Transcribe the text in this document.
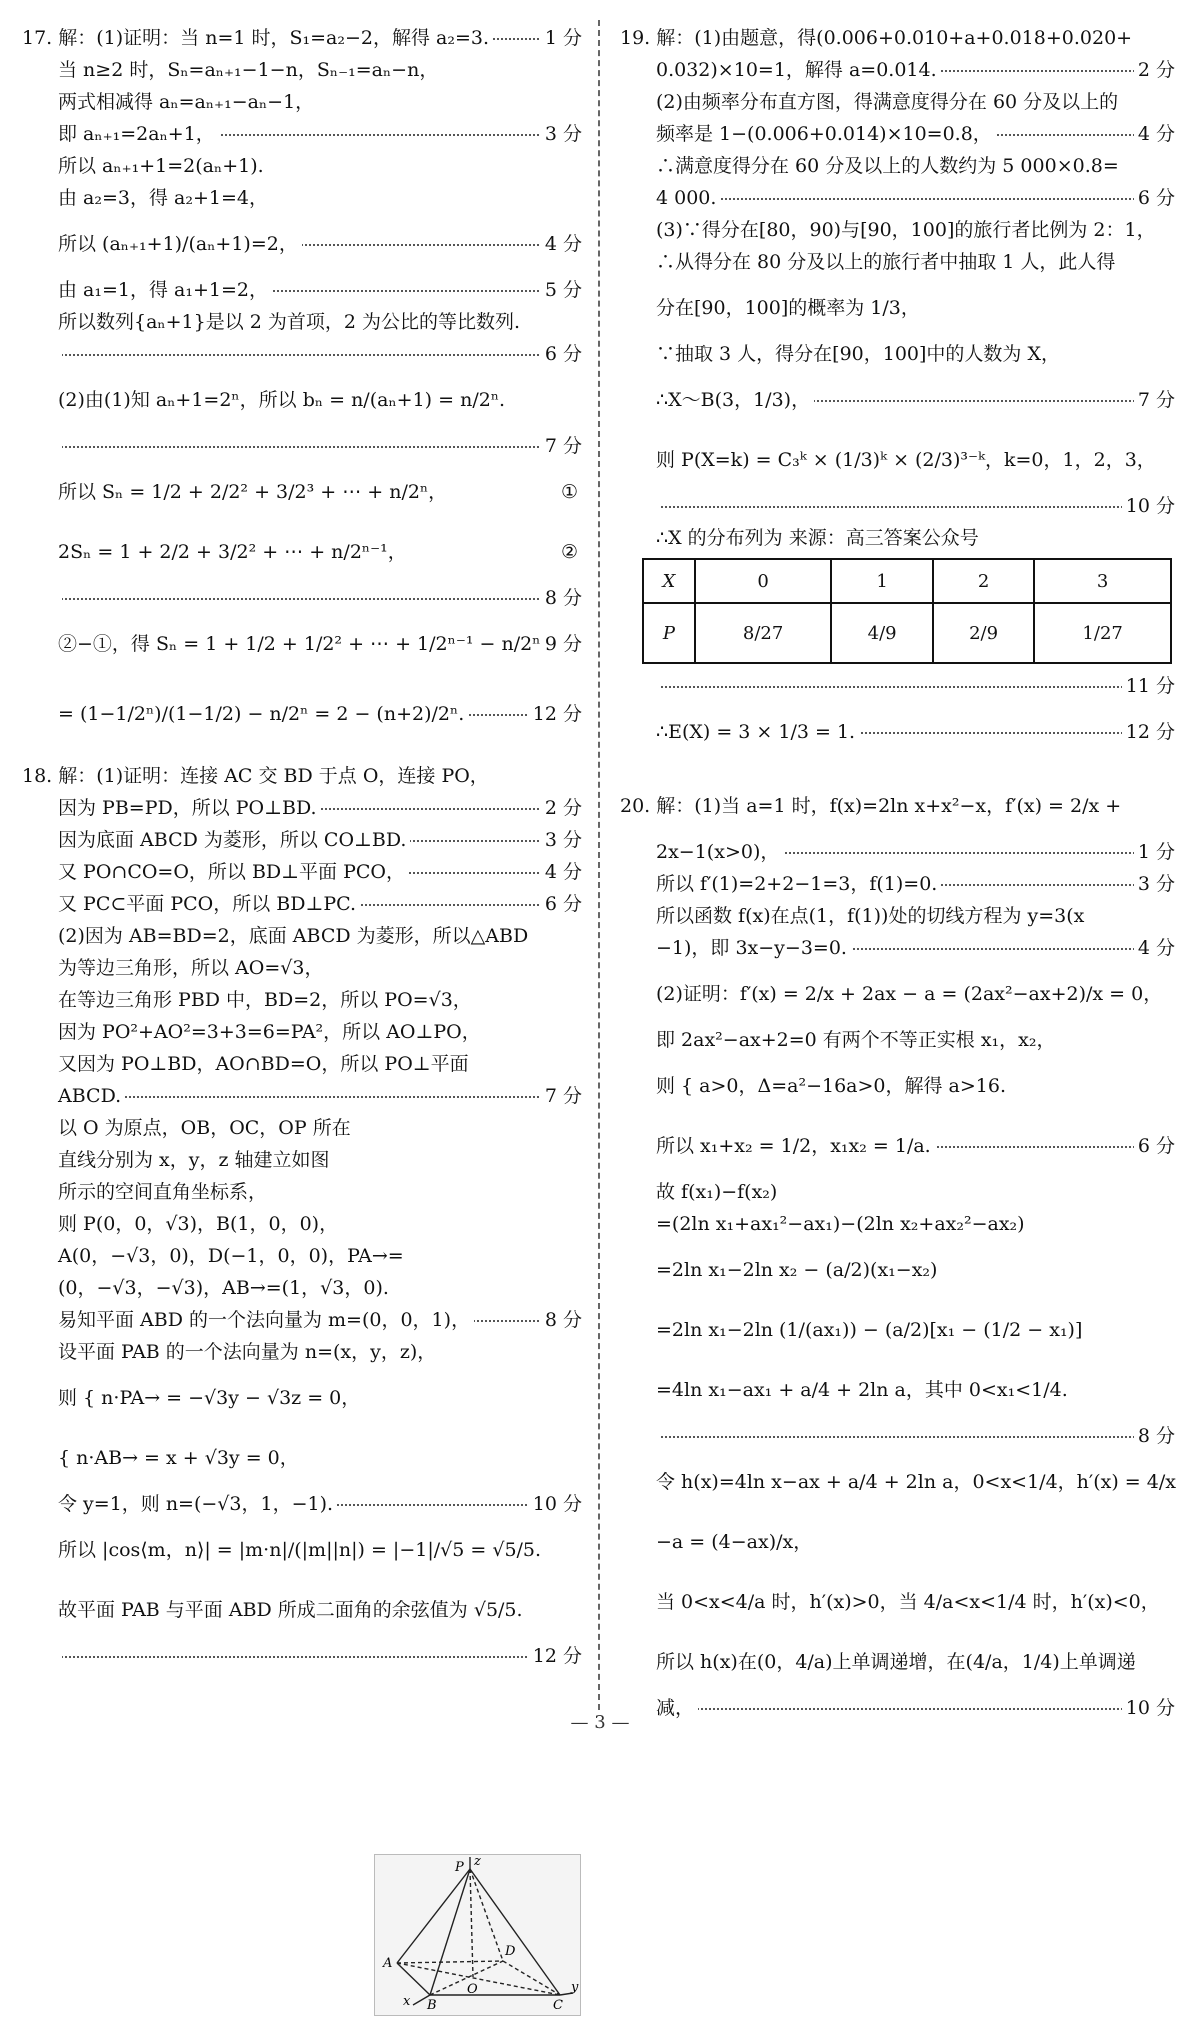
17. 解：(1)证明：当 n=1 时，S₁=a₂−2，解得 a₂=3.	1 分
当 n≥2 时，Sₙ=aₙ₊₁−1−n，Sₙ₋₁=aₙ−n，
两式相减得 aₙ=aₙ₊₁−aₙ−1，
即 aₙ₊₁=2aₙ+1，	3 分
所以 aₙ₊₁+1=2(aₙ+1).
由 a₂=3，得 a₂+1=4，
所以 (aₙ₊₁+1)/(aₙ+1)=2，	4 分
由 a₁=1，得 a₁+1=2，	5 分
所以数列{aₙ+1}是以 2 为首项，2 为公比的等比数列.
6 分
(2)由(1)知 aₙ+1=2ⁿ，所以 bₙ = n/(aₙ+1) = n/2ⁿ.
7 分
所以 Sₙ = 1/2 + 2/2² + 3/2³ + ⋯ + n/2ⁿ，	①
2Sₙ = 1 + 2/2 + 3/2² + ⋯ + n/2ⁿ⁻¹，	②
8 分
②−①，得 Sₙ = 1 + 1/2 + 1/2² + ⋯ + 1/2ⁿ⁻¹ − n/2ⁿ 9 分
= (1−1/2ⁿ)/(1−1/2) − n/2ⁿ = 2 − (n+2)/2ⁿ.	12 分
18. 解：(1)证明：连接 AC 交 BD 于点 O，连接 PO，
因为 PB=PD，所以 PO⊥BD.	2 分
因为底面 ABCD 为菱形，所以 CO⊥BD.	3 分
又 PO∩CO=O，所以 BD⊥平面 PCO，	4 分
又 PC⊂平面 PCO，所以 BD⊥PC.	6 分
(2)因为 AB=BD=2，底面 ABCD 为菱形，所以△ABD
为等边三角形，所以 AO=√3，
在等边三角形 PBD 中，BD=2，所以 PO=√3，
因为 PO²+AO²=3+3=6=PA²，所以 AO⊥PO，
又因为 PO⊥BD，AO∩BD=O，所以 PO⊥平面
ABCD.	7 分
以 O 为原点，OB，OC，OP 所在
直线分别为 x，y，z 轴建立如图
所示的空间直角坐标系，
则 P(0，0，√3)，B(1，0，0)，
A(0，−√3，0)，D(−1，0，0)，PA→=
(0，−√3，−√3)，AB→=(1，√3，0).
易知平面 ABD 的一个法向量为 m=(0，0，1)，	8 分
设平面 PAB 的一个法向量为 n=(x，y，z)，
则 { n·PA→ = −√3y − √3z = 0，
{ n·AB→ = x + √3y = 0，
令 y=1，则 n=(−√3，1，−1).	10 分
所以 |cos⟨m，n⟩| = |m·n|/(|m||n|) = |−1|/√5 = √5/5.
故平面 PAB 与平面 ABD 所成二面角的余弦值为 √5/5.
12 分
z
P
A
D
O
x B	C
y
19. 解：(1)由题意，得(0.006+0.010+a+0.018+0.020+
0.032)×10=1，解得 a=0.014.	2 分
(2)由频率分布直方图，得满意度得分在 60 分及以上的
频率是 1−(0.006+0.014)×10=0.8，	4 分
∴满意度得分在 60 分及以上的人数约为 5 000×0.8=
4 000.	6 分
(3)∵得分在[80，90)与[90，100]的旅行者比例为 2：1，
∴从得分在 80 分及以上的旅行者中抽取 1 人，此人得
分在[90，100]的概率为 1/3，
∵抽取 3 人，得分在[90，100]中的人数为 X，
∴X～B(3，1/3)，	7 分
则 P(X=k) = C₃ᵏ × (1/3)ᵏ × (2/3)³⁻ᵏ，k=0，1，2，3，
10 分
∴X 的分布列为 来源：高三答案公众号
X	0	1	2	3
P	8/27	4/9	2/9	1/27
11 分
∴E(X) = 3 × 1/3 = 1.	12 分
20. 解：(1)当 a=1 时，f(x)=2ln x+x²−x，f′(x) = 2/x +
2x−1(x>0)，	1 分
所以 f′(1)=2+2−1=3，f(1)=0.	3 分
所以函数 f(x)在点(1，f(1))处的切线方程为 y=3(x
−1)，即 3x−y−3=0.	4 分
(2)证明：f′(x) = 2/x + 2ax − a = (2ax²−ax+2)/x = 0，
即 2ax²−ax+2=0 有两个不等正实根 x₁，x₂，
则 { a>0，Δ=a²−16a>0，解得 a>16.
所以 x₁+x₂ = 1/2，x₁x₂ = 1/a.	6 分
故 f(x₁)−f(x₂)
=(2ln x₁+ax₁²−ax₁)−(2ln x₂+ax₂²−ax₂)
=2ln x₁−2ln x₂ − (a/2)(x₁−x₂)
=2ln x₁−2ln (1/(ax₁)) − (a/2)[x₁ − (1/2 − x₁)]
=4ln x₁−ax₁ + a/4 + 2ln a，其中 0<x₁<1/4.
8 分
令 h(x)=4ln x−ax + a/4 + 2ln a，0<x<1/4，h′(x) = 4/x
−a = (4−ax)/x，
当 0<x<4/a 时，h′(x)>0，当 4/a<x<1/4 时，h′(x)<0，
所以 h(x)在(0，4/a)上单调递增，在(4/a，1/4)上单调递
减，	10 分
— 3 —
